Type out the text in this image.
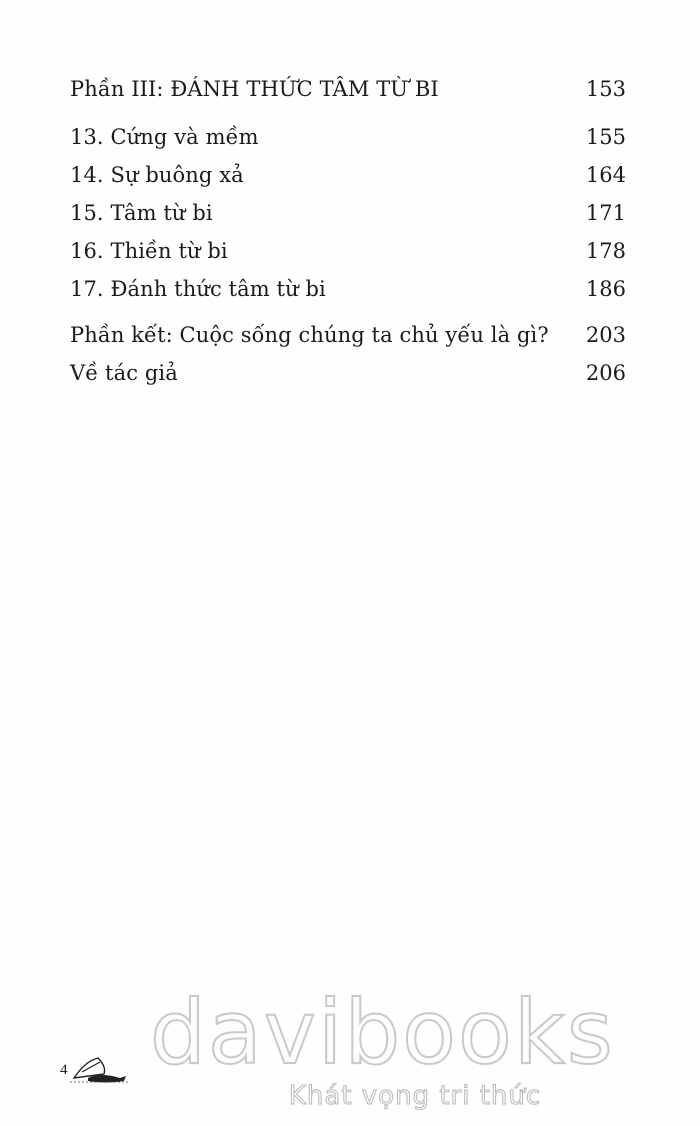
Phần III: ĐÁNH THỨC TÂM TỪ BI	153
13. Cứng và mềm	155
14. Sự buông xả	164
15. Tâm từ bi	171
16. Thiền từ bi	178
17. Đánh thức tâm từ bi	186
Phần kết: Cuộc sống chúng ta chủ yếu là gì? 203
Về tác giả	206
4 davibooks
Khát vọng tri thức
